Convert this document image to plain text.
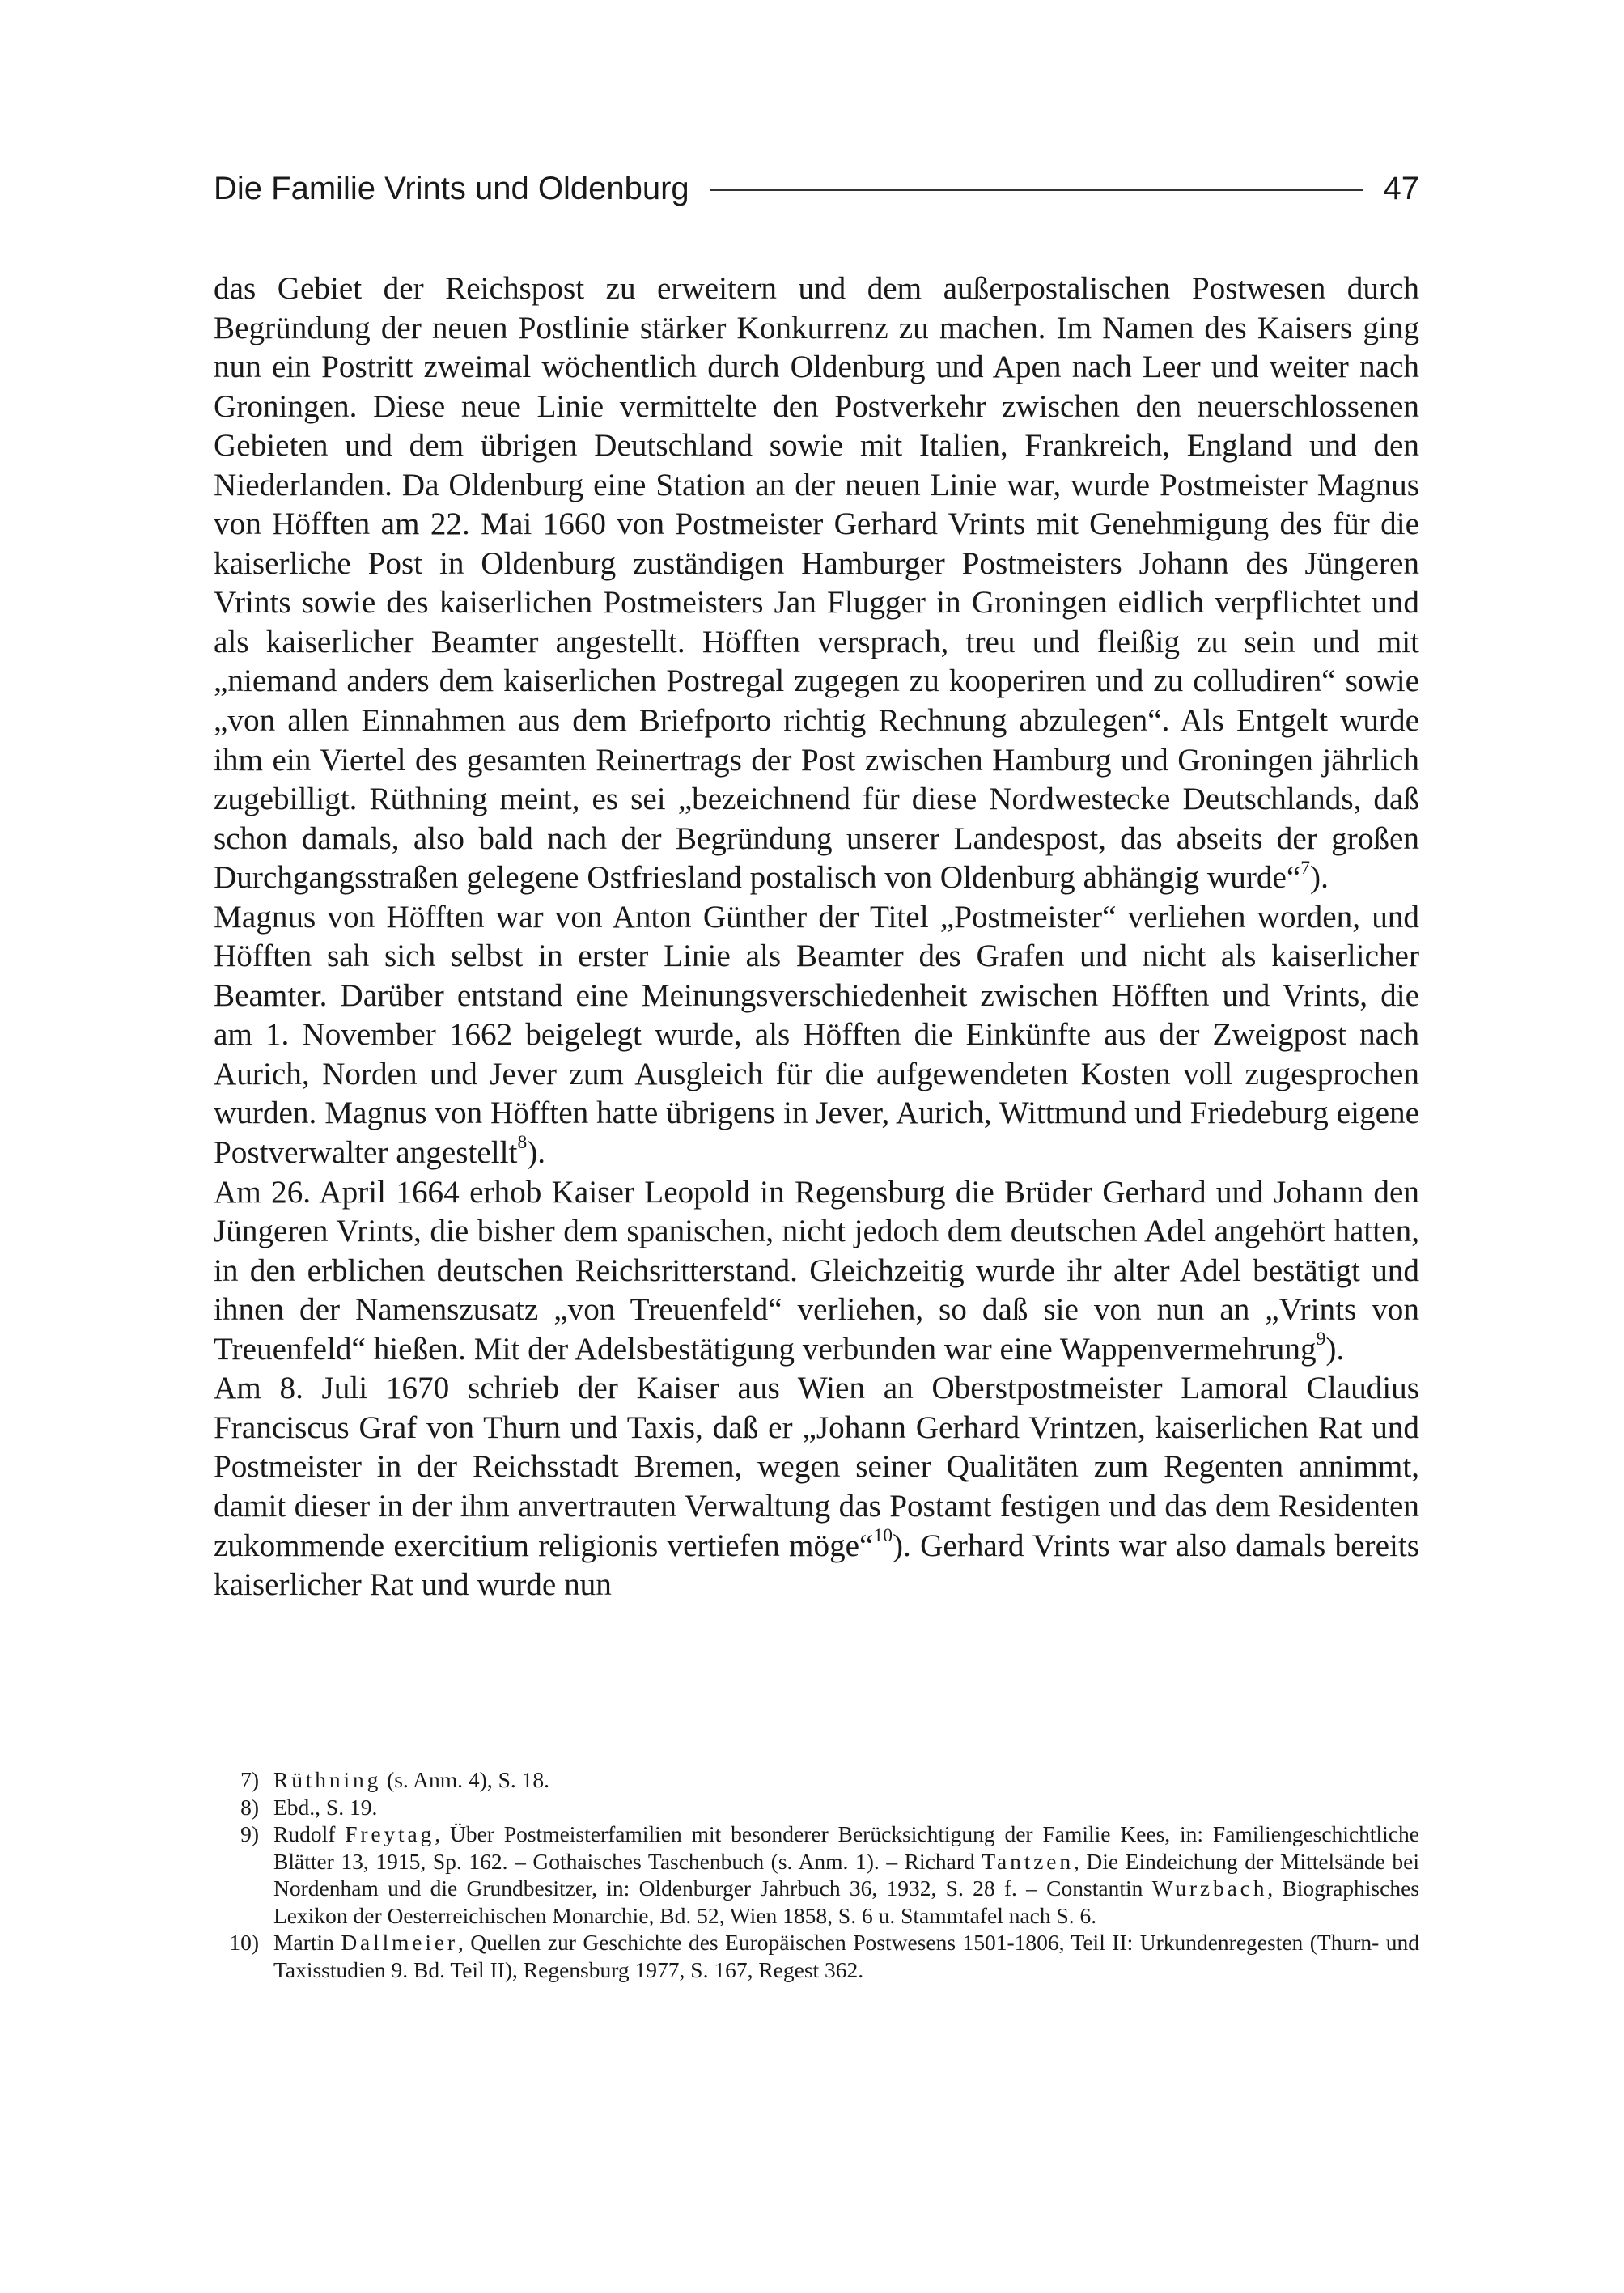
Die Familie Vrints und Oldenburg	47

das Gebiet der Reichspost zu erweitern und dem außerpostalischen Postwesen durch Begründung der neuen Postlinie stärker Konkurrenz zu machen. Im Namen des Kaisers ging nun ein Postritt zweimal wöchentlich durch Oldenburg und Apen nach Leer und weiter nach Groningen. Diese neue Linie vermittelte den Postverkehr zwischen den neuerschlossenen Gebieten und dem übrigen Deutschland sowie mit Italien, Frankreich, England und den Niederlanden. Da Oldenburg eine Station an der neuen Linie war, wurde Postmeister Magnus von Höfften am 22. Mai 1660 von Postmeister Gerhard Vrints mit Genehmigung des für die kaiserliche Post in Oldenburg zuständigen Hamburger Postmeisters Johann des Jüngeren Vrints sowie des kaiserlichen Postmeisters Jan Flugger in Groningen eidlich verpflichtet und als kaiserlicher Beamter angestellt. Höfften versprach, treu und fleißig zu sein und mit „niemand anders dem kaiserlichen Postregal zugegen zu kooperiren und zu colludiren“ sowie „von allen Einnahmen aus dem Briefporto richtig Rechnung abzulegen“. Als Entgelt wurde ihm ein Viertel des gesamten Reinertrags der Post zwischen Hamburg und Groningen jährlich zugebilligt. Rüthning meint, es sei „bezeichnend für diese Nordwestecke Deutschlands, daß schon damals, also bald nach der Begründung unserer Landespost, das abseits der großen Durchgangsstraßen gelegene Ostfriesland postalisch von Oldenburg abhängig wurde“$^7$).

Magnus von Höfften war von Anton Günther der Titel „Postmeister“ verliehen worden, und Höfften sah sich selbst in erster Linie als Beamter des Grafen und nicht als kaiserlicher Beamter. Darüber entstand eine Meinungsverschiedenheit zwischen Höfften und Vrints, die am 1. November 1662 beigelegt wurde, als Höfften die Einkünfte aus der Zweigpost nach Aurich, Norden und Jever zum Ausgleich für die aufgewendeten Kosten voll zugesprochen wurden. Magnus von Höfften hatte übrigens in Jever, Aurich, Wittmund und Friedeburg eigene Postverwalter angestellt$^8$).

Am 26. April 1664 erhob Kaiser Leopold in Regensburg die Brüder Gerhard und Johann den Jüngeren Vrints, die bisher dem spanischen, nicht jedoch dem deutschen Adel angehört hatten, in den erblichen deutschen Reichsritterstand. Gleichzeitig wurde ihr alter Adel bestätigt und ihnen der Namenszusatz „von Treuenfeld“ verliehen, so daß sie von nun an „Vrints von Treuenfeld“ hießen. Mit der Adelsbestätigung verbunden war eine Wappenvermehrung$^9$).

Am 8. Juli 1670 schrieb der Kaiser aus Wien an Oberstpostmeister Lamoral Claudius Franciscus Graf von Thurn und Taxis, daß er „Johann Gerhard Vrintzen, kaiserlichen Rat und Postmeister in der Reichsstadt Bremen, wegen seiner Qualitäten zum Regenten annimmt, damit dieser in der ihm anvertrauten Verwaltung das Postamt festigen und das dem Residenten zukommende exercitium religionis vertiefen möge“$^{10}$). Gerhard Vrints war also damals bereits kaiserlicher Rat und wurde nun

7) Rüthning (s. Anm. 4), S. 18.
8) Ebd., S. 19.
9) Rudolf Freytag, Über Postmeisterfamilien mit besonderer Berücksichtigung der Familie Kees, in: Familiengeschichtliche Blätter 13, 1915, Sp. 162. – Gothaisches Taschenbuch (s. Anm. 1). – Richard Tantzen, Die Eindeichung der Mittelsände bei Nordenham und die Grundbesitzer, in: Oldenburger Jahrbuch 36, 1932, S. 28 f. – Constantin Wurzbach, Biographisches Lexikon der Oesterreichischen Monarchie, Bd. 52, Wien 1858, S. 6 u. Stammtafel nach S. 6.
10) Martin Dallmeier, Quellen zur Geschichte des Europäischen Postwesens 1501-1806, Teil II: Urkundenregesten (Thurn- und Taxisstudien 9. Bd. Teil II), Regensburg 1977, S. 167, Regest 362.
